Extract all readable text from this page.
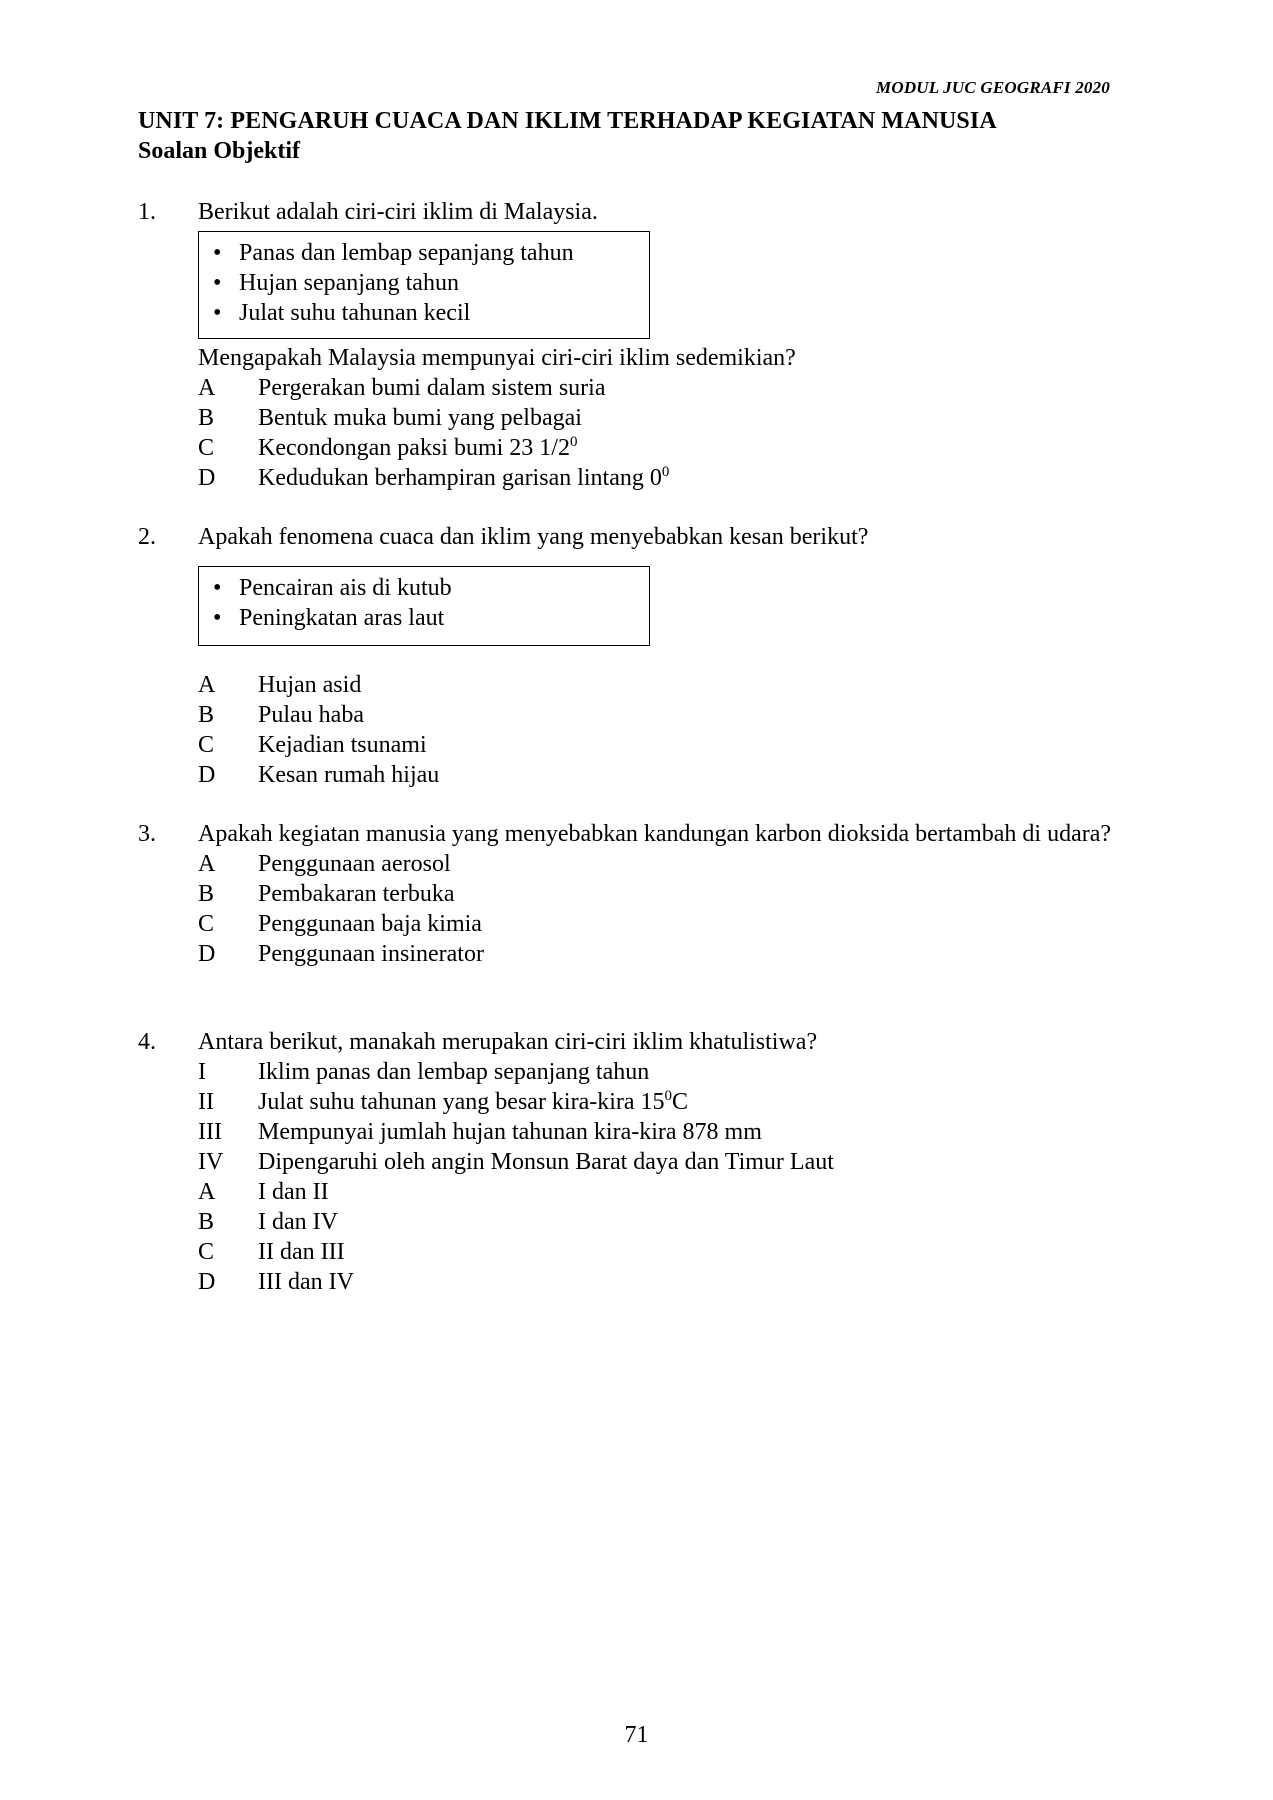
MODUL JUC GEOGRAFI 2020
UNIT 7: PENGARUH CUACA DAN IKLIM TERHADAP KEGIATAN MANUSIA
Soalan Objektif
1. Berikut adalah ciri-ciri iklim di Malaysia.
• Panas dan lembap sepanjang tahun
• Hujan sepanjang tahun
• Julat suhu tahunan kecil
Mengapakah Malaysia mempunyai ciri-ciri iklim sedemikian?
A	Pergerakan bumi dalam sistem suria
B	Bentuk muka bumi yang pelbagai
C	Kecondongan paksi bumi 23 $1/2^0$
D	Kedudukan berhampiran garisan lintang $0^0$
2. Apakah fenomena cuaca dan iklim yang menyebabkan kesan berikut?
• Pencairan ais di kutub
• Peningkatan aras laut
A	Hujan asid
B	Pulau haba
C	Kejadian tsunami
D	Kesan rumah hijau
3. Apakah kegiatan manusia yang menyebabkan kandungan karbon dioksida bertambah di udara?
A	Penggunaan aerosol
B	Pembakaran terbuka
C	Penggunaan baja kimia
D	Penggunaan insinerator
4. Antara berikut, manakah merupakan ciri-ciri iklim khatulistiwa?
I	Iklim panas dan lembap sepanjang tahun
II	Julat suhu tahunan yang besar kira-kira $15^0C$
III	Mempunyai jumlah hujan tahunan kira-kira 878 mm
IV	Dipengaruhi oleh angin Monsun Barat daya dan Timur Laut
A	I dan II
B	I dan IV
C	II dan III
D	III dan IV
71
